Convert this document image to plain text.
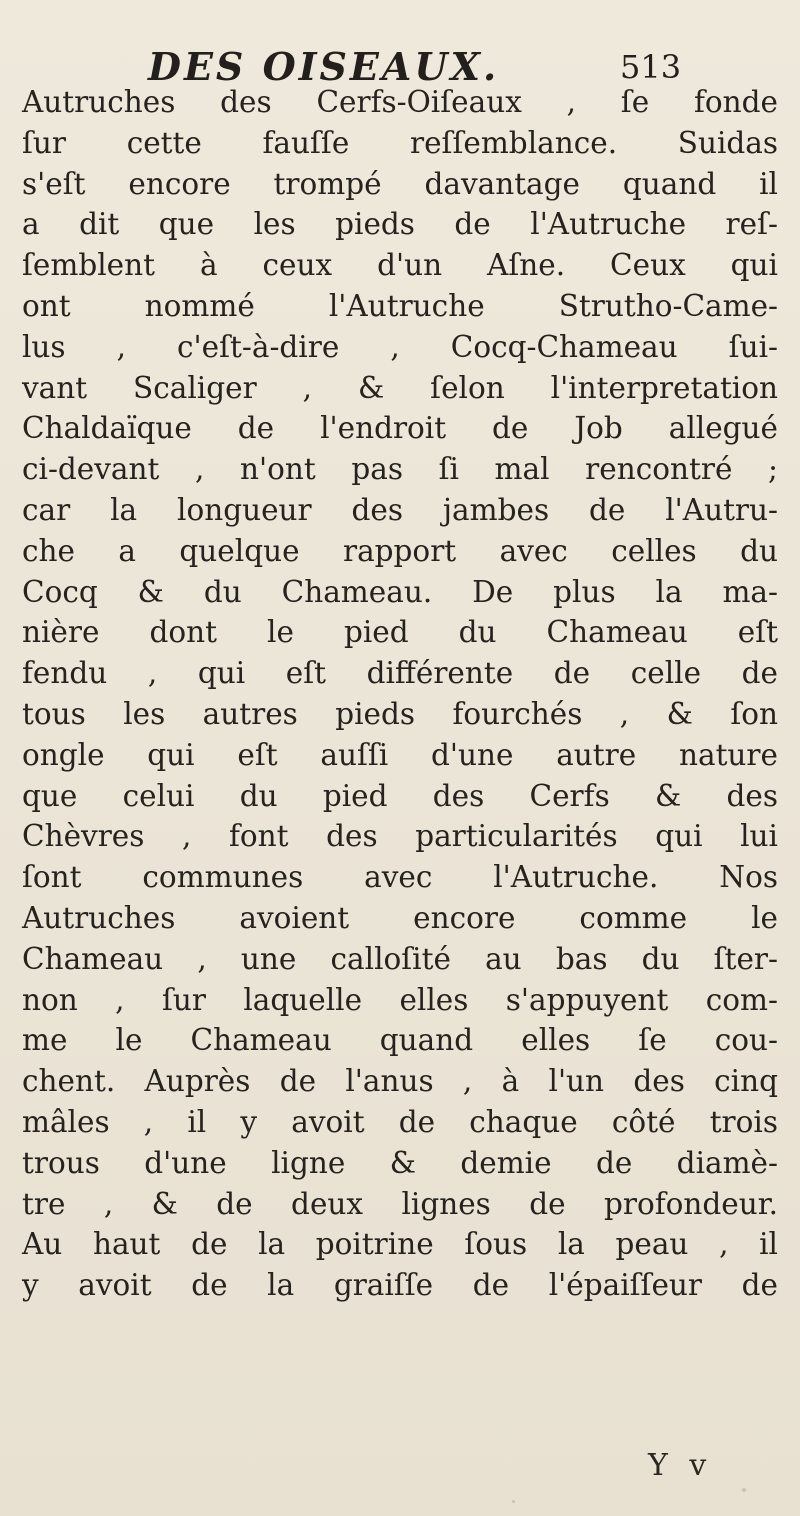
DES OISEAUX.	513
Autruches des Cerfs-Oiſeaux , ſe fonde
ſur cette fauſſe reſſemblance. Suidas
s'eſt encore trompé davantage quand il
a dit que les pieds de l'Autruche reſ-
ſemblent à ceux d'un Aſne. Ceux qui
ont nommé l'Autruche Strutho-Came-
lus , c'eſt-à-dire , Cocq-Chameau ſui-
vant Scaliger , & ſelon l'interpretation
Chaldaïque de l'endroit de Job allegué
ci-devant , n'ont pas ſi mal rencontré ;
car la longueur des jambes de l'Autru-
che a quelque rapport avec celles du
Cocq & du Chameau. De plus la ma-
nière dont le pied du Chameau eſt
fendu , qui eſt différente de celle de
tous les autres pieds fourchés , & ſon
ongle qui eſt auſſi d'une autre nature
que celui du pied des Cerfs & des
Chèvres , font des particularités qui lui
ſont communes avec l'Autruche. Nos
Autruches avoient encore comme le
Chameau , une calloſité au bas du ſter-
non , ſur laquelle elles s'appuyent com-
me le Chameau quand elles ſe cou-
chent. Auprès de l'anus , à l'un des cinq
mâles , il y avoit de chaque côté trois
trous d'une ligne & demie de diamè-
tre , & de deux lignes de profondeur.
Au haut de la poitrine ſous la peau , il
y avoit de la graiſſe de l'épaiſſeur de
Y v
